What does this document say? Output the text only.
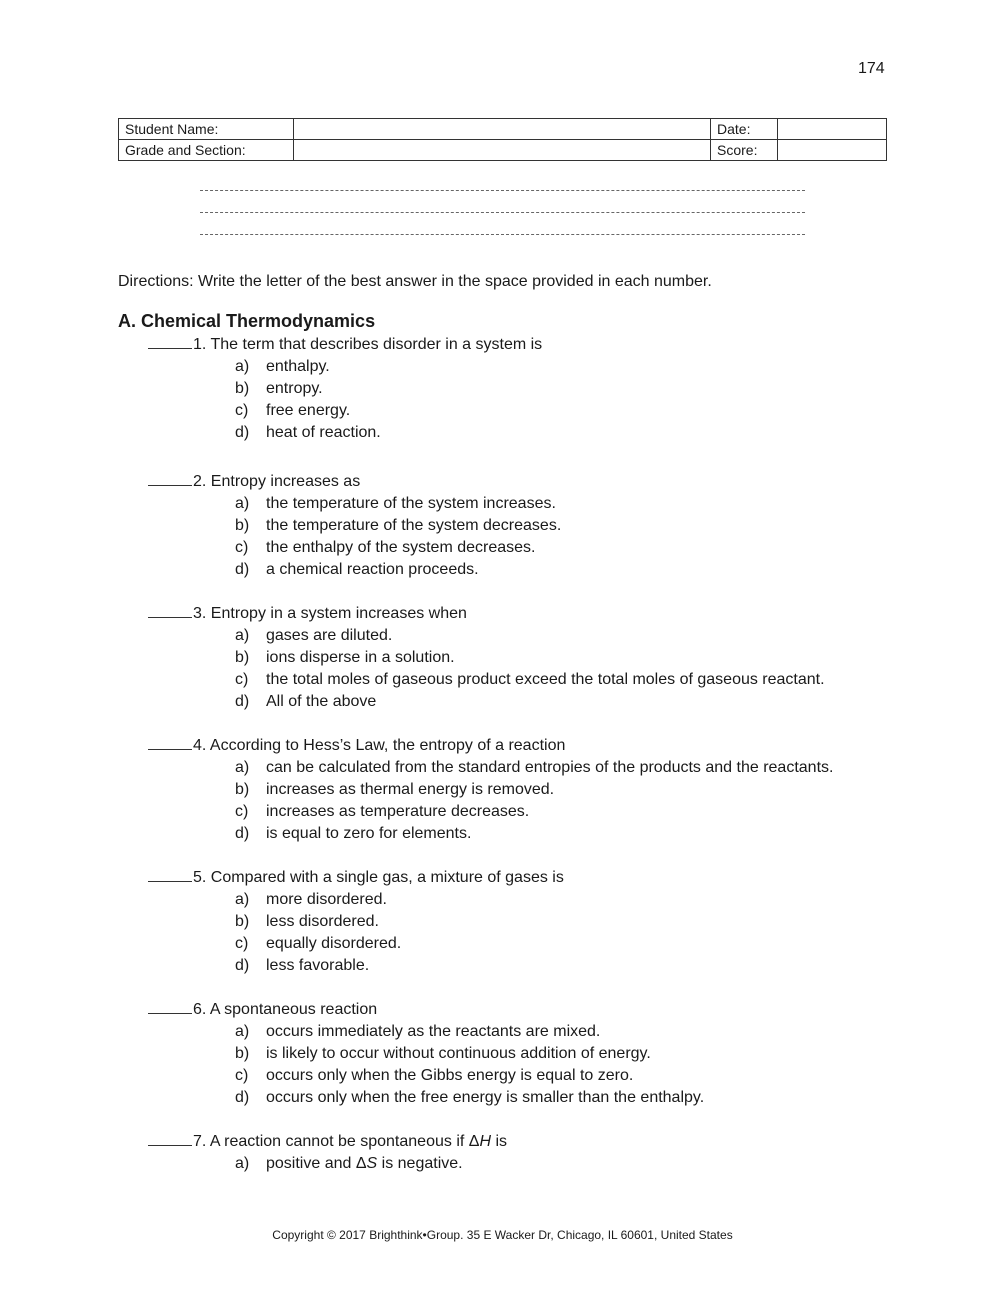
174
Student Name:		Date:	
Grade and Section:		Score:	
Directions: Write the letter of the best answer in the space provided in each number.
A. Chemical Thermodynamics
1. The term that describes disorder in a system is
a)	enthalpy.
b)	entropy.
c)	free energy.
d)	heat of reaction.
2. Entropy increases as
a)	the temperature of the system increases.
b)	the temperature of the system decreases.
c)	the enthalpy of the system decreases.
d)	a chemical reaction proceeds.
3. Entropy in a system increases when
a)	gases are diluted.
b)	ions disperse in a solution.
c)	the total moles of gaseous product exceed the total moles of gaseous reactant.
d)	All of the above
4. According to Hess’s Law, the entropy of a reaction
a)	can be calculated from the standard entropies of the products and the reactants.
b)	increases as thermal energy is removed.
c)	increases as temperature decreases.
d)	is equal to zero for elements.
5. Compared with a single gas, a mixture of gases is
a)	more disordered.
b)	less disordered.
c)	equally disordered.
d)	less favorable.
6. A spontaneous reaction
a)	occurs immediately as the reactants are mixed.
b)	is likely to occur without continuous addition of energy.
c)	occurs only when the Gibbs energy is equal to zero.
d)	occurs only when the free energy is smaller than the enthalpy.
7. A reaction cannot be spontaneous if ΔH is
a)	positive and ΔS is negative.
Copyright © 2017 Brighthink•Group. 35 E Wacker Dr, Chicago, IL 60601, United States
